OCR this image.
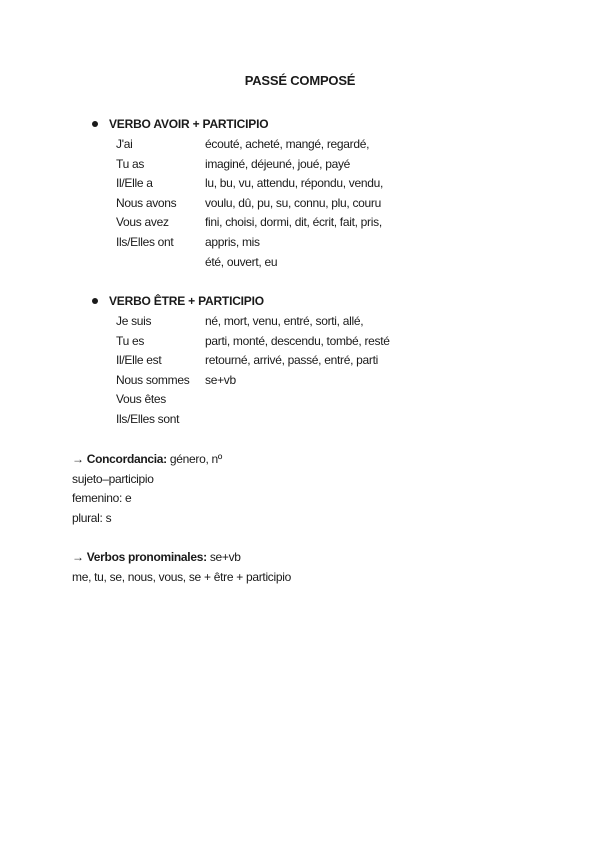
PASSÉ COMPOSÉ
VERBO AVOIR + PARTICIPIO
J'ai	écouté, acheté, mangé, regardé,
Tu as	imaginé, déjeuné, joué, payé
Il/Elle a	lu, bu, vu, attendu, répondu, vendu,
Nous avons	voulu, dû, pu, su, connu, plu, couru
Vous avez	fini, choisi, dormi, dit, écrit, fait, pris,
Ils/Elles ont	appris, mis
été, ouvert, eu
VERBO ÊTRE + PARTICIPIO
Je suis	né, mort, venu, entré, sorti, allé,
Tu es	parti, monté, descendu, tombé, resté
Il/Elle est	retourné, arrivé, passé, entré, parti
Nous sommes	se+vb
Vous êtes
Ils/Elles sont
→ Concordancia: género, nº
sujeto–participio
femenino: e
plural: s
→ Verbos pronominales: se+vb
me, tu, se, nous, vous, se + être + participio
